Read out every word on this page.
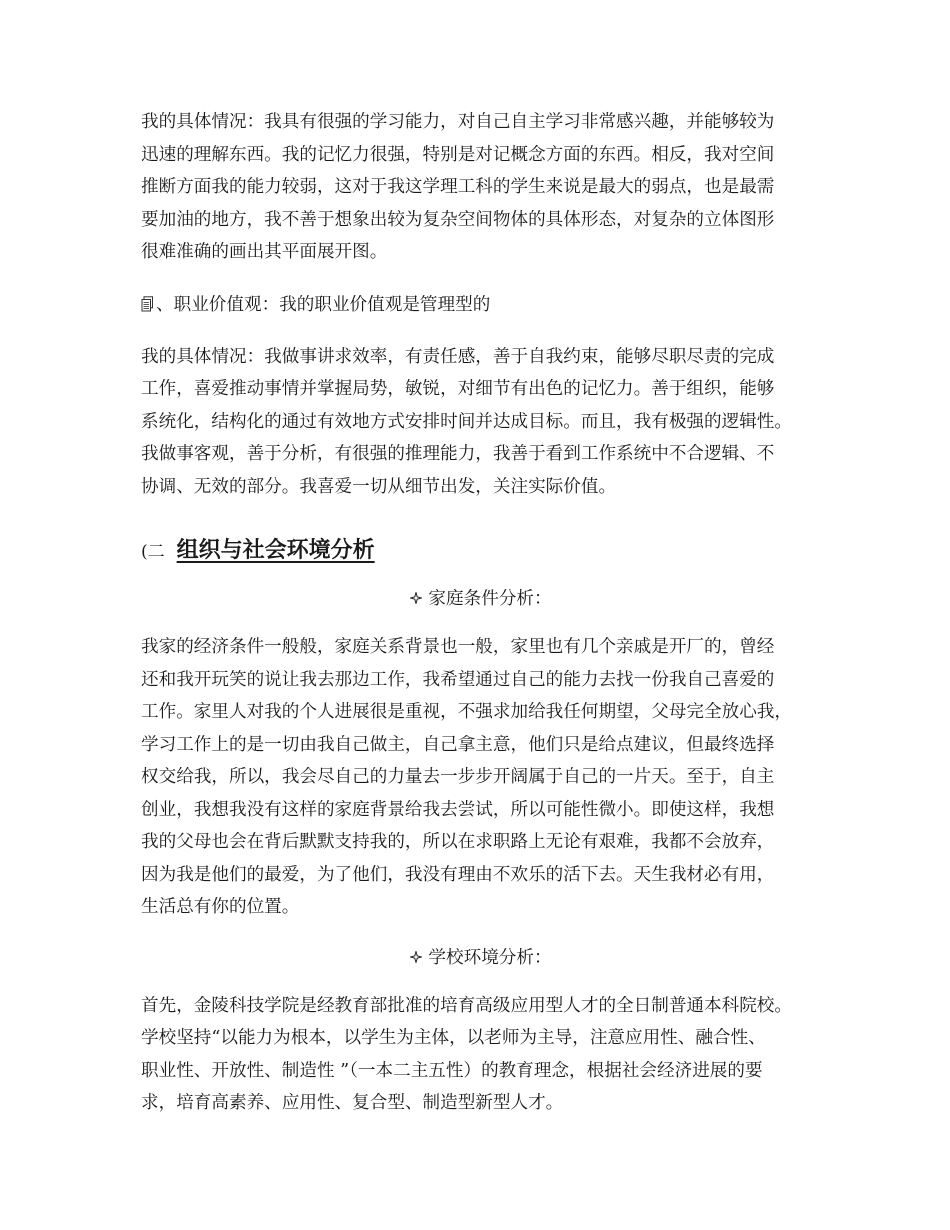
我的具体情况：我具有很强的学习能力，对自己自主学习非常感兴趣，并能够较为
迅速的理解东西。我的记忆力很强，特别是对记概念方面的东西。相反，我对空间
推断方面我的能力较弱，这对于我这学理工科的学生来说是最大的弱点，也是最需
要加油的地方，我不善于想象出较为复杂空间物体的具体形态，对复杂的立体图形
很难准确的画出其平面展开图。

、职业价值观：我的职业价值观是管理型的

我的具体情况：我做事讲求效率，有责任感，善于自我约束，能够尽职尽责的完成
工作，喜爱推动事情并掌握局势，敏锐，对细节有出色的记忆力。善于组织，能够
系统化，结构化的通过有效地方式安排时间并达成目标。而且，我有极强的逻辑性。
我做事客观，善于分析，有很强的推理能力，我善于看到工作系统中不合逻辑、不
协调、无效的部分。我喜爱一切从细节出发，关注实际价值。
(二 组织与社会环境分析
家庭条件分析：
我家的经济条件一般般，家庭关系背景也一般，家里也有几个亲戚是开厂的，曾经
还和我开玩笑的说让我去那边工作，我希望通过自己的能力去找一份我自己喜爱的
工作。家里人对我的个人进展很是重视，不强求加给我任何期望，父母完全放心我，
学习工作上的是一切由我自己做主，自己拿主意，他们只是给点建议，但最终选择
权交给我，所以，我会尽自己的力量去一步步开阔属于自己的一片天。至于，自主
创业，我想我没有这样的家庭背景给我去尝试，所以可能性微小。即使这样，我想
我的父母也会在背后默默支持我的，所以在求职路上无论有艰难，我都不会放弃，
因为我是他们的最爱，为了他们，我没有理由不欢乐的活下去。天生我材必有用，
生活总有你的位置。
学校环境分析：
首先，金陵科技学院是经教育部批准的培育高级应用型人才的全日制普通本科院校。
学校坚持“以能力为根本，以学生为主体，以老师为主导，注意应用性、融合性、
职业性、开放性、制造性 ”（一本二主五性）的教育理念，根据社会经济进展的要
求，培育高素养、应用性、复合型、制造型新型人才。
